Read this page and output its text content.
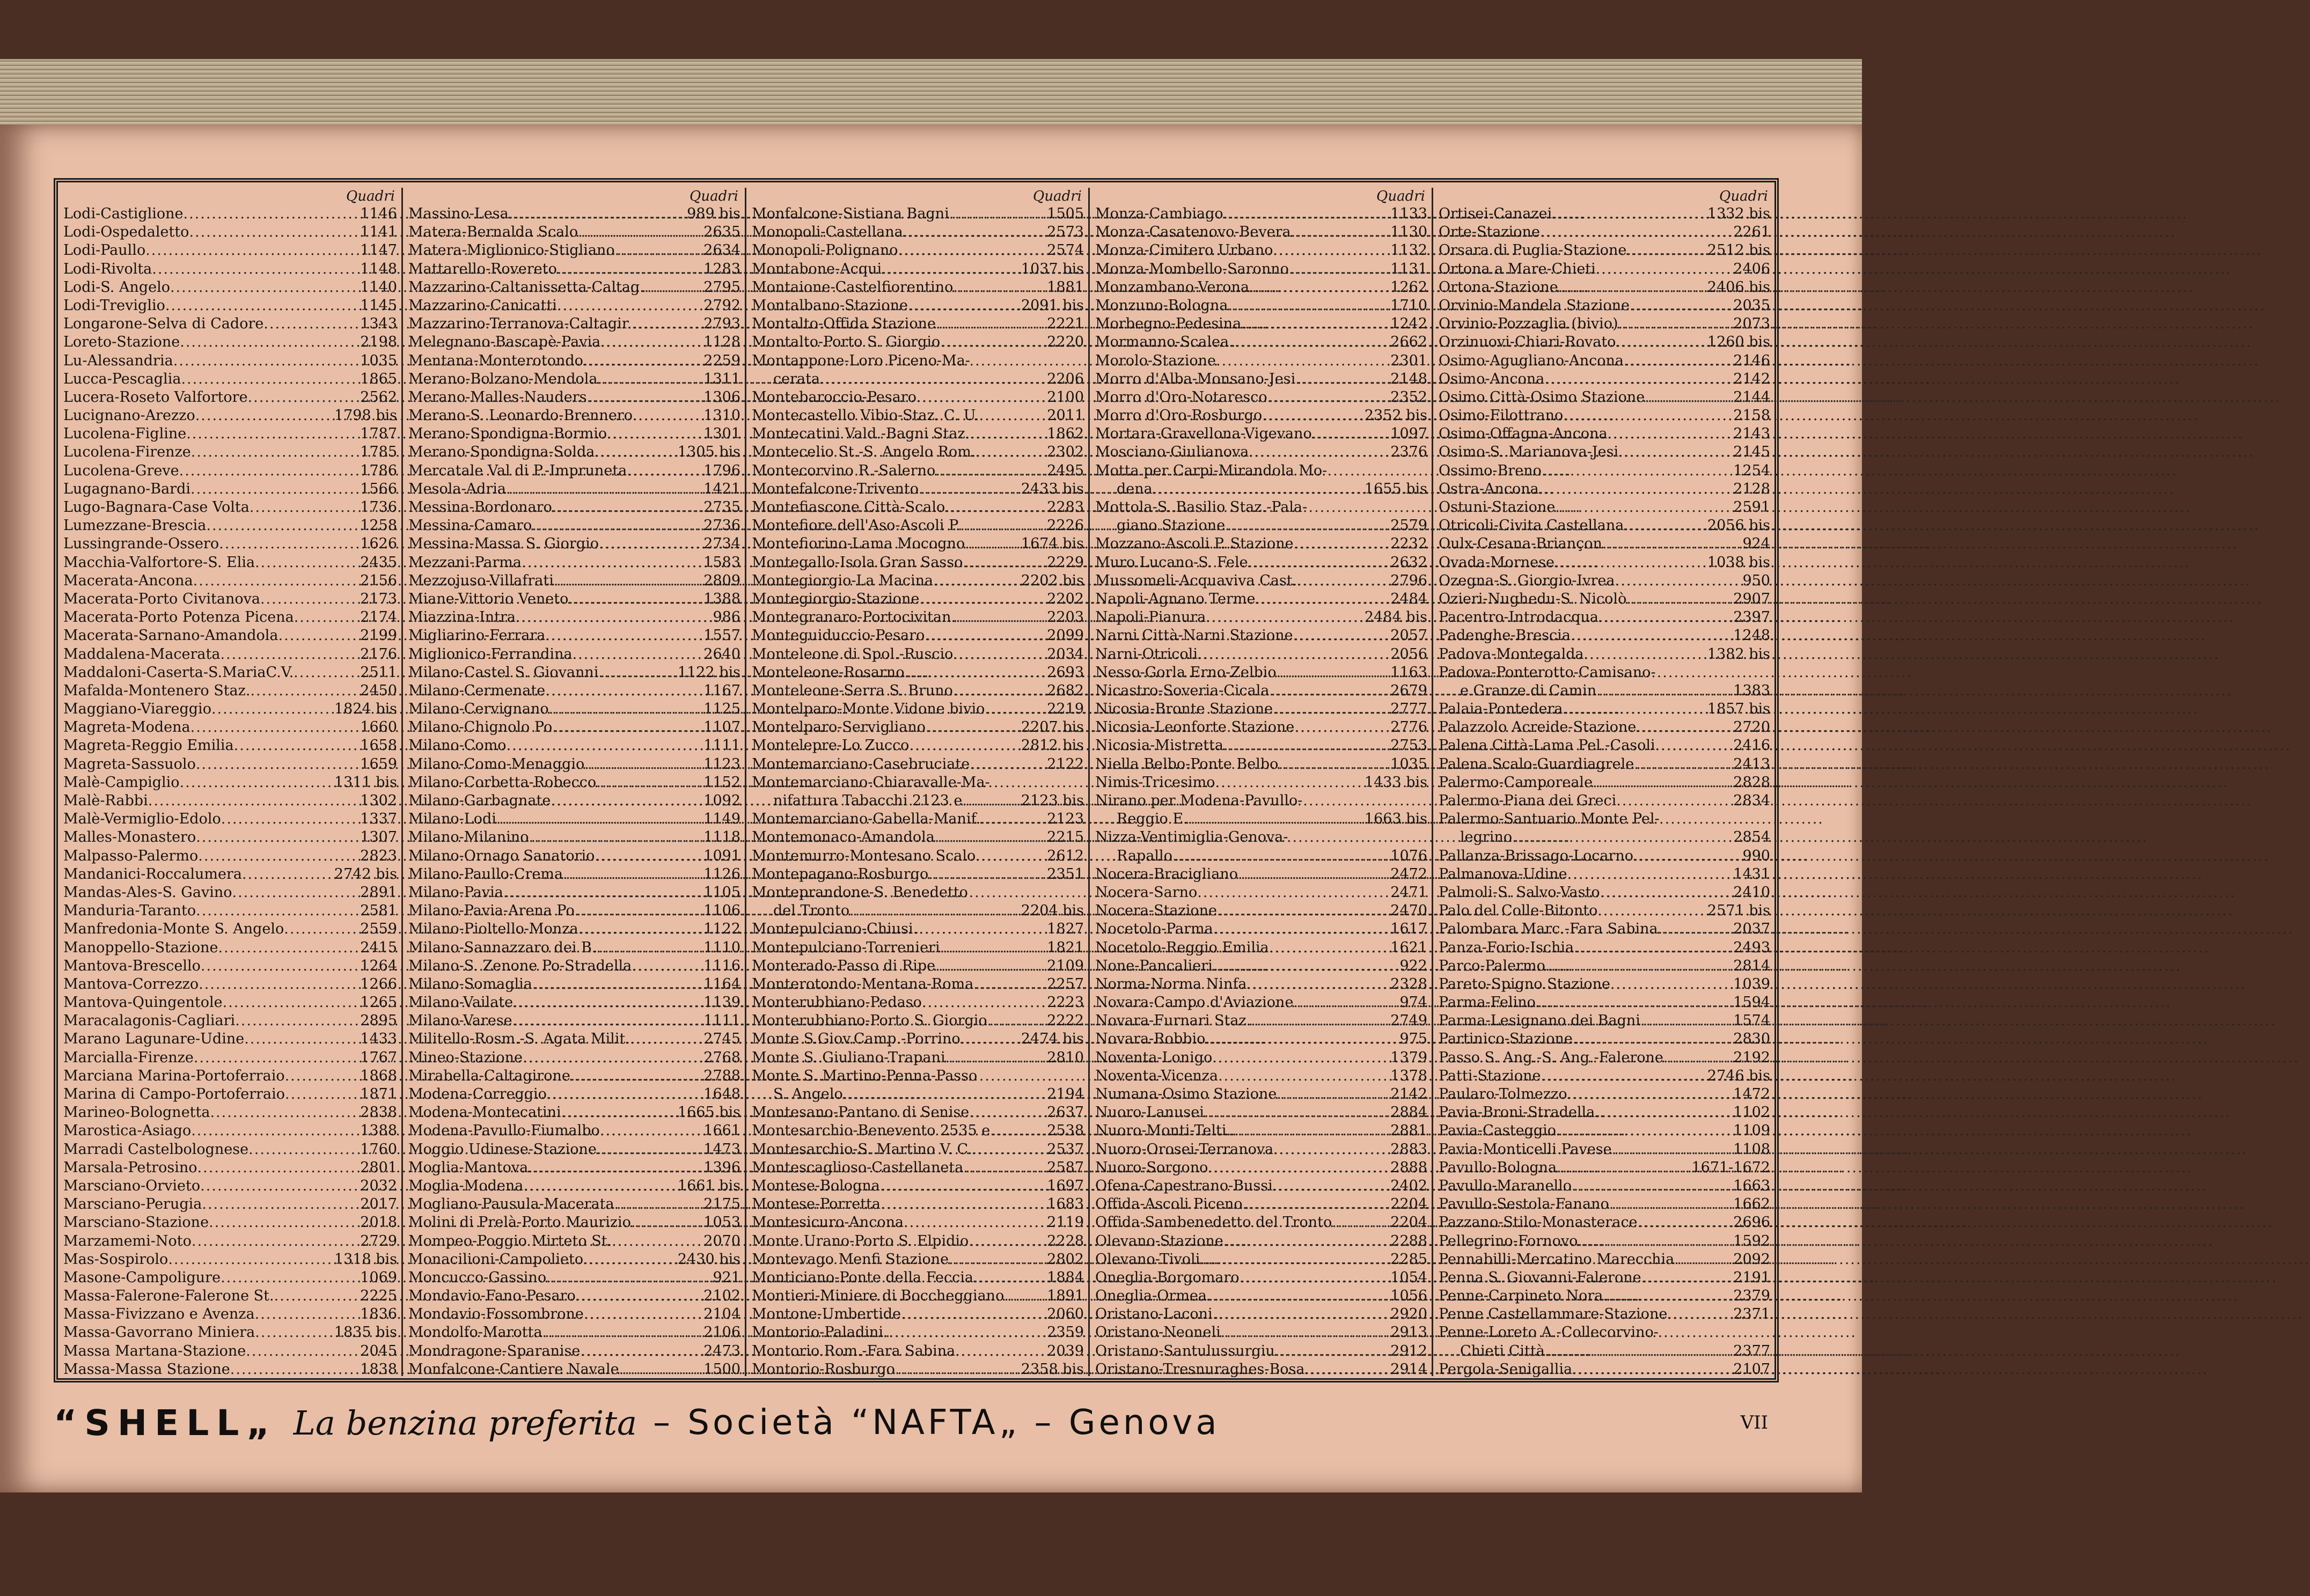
Quadri
Lodi-Castiglione .....	1146
Lodi-Ospedaletto .....	1141
Lodi-Paullo .....	1147
Lodi-Rivolta .....	1148
Lodi-S. Angelo .....	1140
Lodi-Treviglio .....	1145
Longarone-Selva di Cadore .....	1343
Loreto-Stazione .....	2198
Lu-Alessandria .....	1035
Lucca-Pescaglia .....	1865
Lucera-Roseto Valfortore .....	2562
Lucignano-Arezzo .....	1798 bis
Lucolena-Figline .....	1787
Lucolena-Firenze .....	1785
Lucolena-Greve .....	1786
Lugagnano-Bardi .....	1566
Lugo-Bagnara-Case Volta .....	1736
Lumezzane-Brescia .....	1258
Lussingrande-Ossero .....	1626
Macchia-Valfortore-S. Elia .....	2435
Macerata-Ancona .....	2156
Macerata-Porto Civitanova .....	2173
Macerata-Porto Potenza Picena .....	2174
Macerata-Sarnano-Amandola .....	2199
Maddalena-Macerata .....	2176
Maddaloni-Caserta-S.MariaC.V. .....	2511
Mafalda-Montenero Staz. .....	2450
Maggiano-Viareggio .....	1824 bis
Magreta-Modena .....	1660
Magreta-Reggio Emilia .....	1658
Magreta-Sassuolo .....	1659
Malè-Campiglio .....	1311 bis
Malè-Rabbi .....	1302
Malè-Vermiglio-Edolo .....	1337
Malles-Monastero .....	1307
Malpasso-Palermo .....	2823
Mandanici-Roccalumera .....	2742 bis
Mandas-Ales-S. Gavino .....	2891
Manduria-Taranto .....	2581
Manfredonia-Monte S. Angelo .....	2559
Manoppello-Stazione .....	2415
Mantova-Brescello .....	1264
Mantova-Correzzo .....	1266
Mantova-Quingentole .....	1265
Maracalagonis-Cagliari .....	2895
Marano Lagunare-Udine .....	1433
Marcialla-Firenze .....	1767
Marciana Marina-Portoferraio .....	1868
Marina di Campo-Portoferraio .....	1871
Marineo-Bolognetta .....	2838
Marostica-Asiago .....	1388
Marradi Castelbolognese .....	1760
Marsala-Petrosino .....	2801
Marsciano-Orvieto .....	2032
Marsciano-Perugia .....	2017
Marsciano-Stazione .....	2018
Marzamemi-Noto .....	2729
Mas-Sospirolo .....	1318 bis
Masone-Campoligure .....	1069
Massa-Falerone-Falerone St. .....	2225
Massa-Fivizzano e Avenza .....	1836
Massa-Gavorrano Miniera .....	1835 bis
Massa Martana-Stazione .....	2045
Massa-Massa Stazione .....	1838
Quadri
Massino-Lesa .....	989 bis
Matera-Bernalda Scalo .....	2635
Matera-Miglionico-Stigliano .....	2634
Mattarello-Rovereto .....	1283
Mazzarino-Caltanissetta-Caltag. .....	2795
Mazzarino-Canicatti .....	2792
Mazzarino-Terranova-Caltagir. .....	2793
Melegnano-Bascapè-Pavia .....	1128
Mentana-Monterotondo .....	2259
Merano-Bolzano-Mendola .....	1311
Merano-Malles-Nauders .....	1306
Merano-S. Leonardo-Brennero .....	1310
Merano-Spondigna-Bormio .....	1301
Merano-Spondigna-Solda .....	1305 bis
Mercatale Val di P.-Impruneta .....	1796
Mesola-Adria .....	1421
Messina-Bordonaro .....	2735
Messina-Camaro .....	2736
Messina-Massa S. Giorgio .....	2734
Mezzani-Parma .....	1583
Mezzojuso-Villafrati .....	2809
Miane-Vittorio Veneto .....	1388
Miazzina-Intra .....	986
Migliarino-Ferrara .....	1557
Miglionico-Ferrandina .....	2640
Milano-Castel S. Giovanni .....	1122 bis
Milano-Cermenate .....	1167
Milano-Cervignano .....	1125
Milano-Chignolo Po .....	1107
Milano-Como .....	1111
Milano-Como-Menaggio .....	1123
Milano-Corbetta-Robecco .....	1152
Milano-Garbagnate .....	1092
Milano-Lodi .....	1149
Milano-Milanino .....	1118
Milano-Ornago Sanatorio .....	1091
Milano-Paullo-Crema .....	1126
Milano-Pavia .....	1105
Milano-Pavia-Arena Po .....	1106
Milano-Pioltello-Monza .....	1122
Milano-Sannazzaro dei B. .....	1110
Milano-S. Zenone Po-Stradella .....	1116
Milano-Somaglia .....	1164
Milano-Vailate .....	1139
Milano-Varese .....	1111
Militello-Rosm.-S. Agata Milit. .....	2745
Mineo-Stazione .....	2768
Mirabella-Caltagirone .....	2788
Modena-Correggio .....	1648
Modena-Montecatini .....	1665 bis
Modena-Pavullo-Fiumalbo .....	1661
Moggio Udinese-Stazione .....	1473
Moglia-Mantova .....	1396
Moglia-Modena .....	1661 bis
Mogliano-Pausula-Macerata .....	2175
Molini di Prelà-Porto Maurizio .....	1053
Mompeo-Poggio Mirteto St. .....	2070
Monacilioni-Campolieto .....	2430 bis
Moncucco-Gassino .....	921
Mondavio-Fano-Pesaro .....	2102
Mondavio-Fossombrone .....	2104
Mondolfo-Marotta .....	2106
Mondragone-Sparanise .....	2473
Monfalcone-Cantiere Navale .....	1500
Quadri
Monfalcone-Sistiana Bagni .....	1505
Monopoli-Castellana .....	2573
Monopoli-Polignano .....	2574
Montabone-Acqui .....	1037 bis
Montaione-Castelfiorentino .....	1881
Montalbano-Stazione .....	2091 bis
Montalto-Offida Stazione .....	2221
Montalto-Porto S. Giorgio .....	2220
Montappone-Loro Piceno-Ma-
cerata .....	2206
Montebaroccio-Pesaro .....	2100
Montecastello Vibio-Staz. C. U. .....	2011
Montecatini Vald.-Bagni Staz. .....	1862
Montecelio St.-S. Angelo Rom. .....	2302
Montecorvino R.-Salerno .....	2495
Montefalcone-Trivento .....	2433 bis
Montefiascone Città-Scalo .....	2283
Montefiore dell'Aso-Ascoli P. .....	2226
Montefiorino-Lama Mocogno .....	1674 bis
Montegallo-Isola Gran Sasso .....	2229
Montegiorgio-La Macina .....	2202 bis
Montegiorgio-Stazione .....	2202
Montegranaro-Portocivitan. .....	2203
Monteguiduccio-Pesaro .....	2099
Monteleone di Spol.-Ruscio .....	2034
Monteleone-Rosarno .....	2693
Monteleone-Serra S. Bruno .....	2682
Montelparo-Monte Vidone bivio .....	2219
Montelparo-Servigliano .....	2207 bis
Montelepre-Lo Zucco .....	2812 bis
Montemarciano-Casebruciate .....	2122
Montemarciano-Chiaravalle-Ma-
nifattura Tabacchi 2123 e .....	2123 bis
Montemarciano-Gabella-Manif. .....	2123
Montemonaco-Amandola .....	2215
Montemurro-Montesano Scalo .....	2612
Montepagano-Rosburgo .....	2351
Monteprandone-S. Benedetto
del Tronto .....	2204 bis
Montepulciano-Chiusi .....	1827
Montepulciano-Torrenieri .....	1821
Monterado-Passo di Ripe .....	2109
Monterotondo-Mentana-Roma .....	2257
Monterubbiano-Pedaso .....	2223
Monterubbiano-Porto S. Giorgio .....	2222
Monte S.Giov.Camp.-Porrino .....	2474 bis
Monte S. Giuliano-Trapani .....	2810
Monte S. Martino-Penna-Passo
S. Angelo .....	2194
Montesano-Pantano di Senise .....	2637
Montesarchio-Benevento 2535 e .....	2538
Montesarchio-S. Martino V. C. .....	2537
Montescaglioso-Castellaneta .....	2587
Montese-Bologna .....	1697
Montese-Porretta .....	1683
Montesicuro-Ancona .....	2119
Monte Urano-Porto S. Elpidio .....	2228
Montevago Menfi Stazione .....	2802
Monticiano-Ponte della Feccia .....	1884
Montieri-Miniere di Boccheggiano .....	1891
Montone-Umbertide .....	2060
Montorio-Paladini .....	2359
Montorio Rom.-Fara Sabina .....	2039
Montorio-Rosburgo .....	2358 bis
Quadri
Monza-Cambiago .....	1133
Monza-Casatenovo-Bevera .....	1130
Monza-Cimitero Urbano .....	1132
Monza-Mombello-Saronno .....	1131
Monzambano-Verona .....	1262
Monzuno-Bologna .....	1710
Morbegno-Pedesina .....	1242
Mormanno-Scalea .....	2662
Morolo-Stazione .....	2301
Morro d'Alba-Monsano-Jesi .....	2148
Morro d'Oro-Notaresco .....	2352
Morro d'Oro-Rosburgo .....	2352 bis
Mortara-Gravellona-Vigevano .....	1097
Mosciano-Giulianova .....	2376
Motta per Carpi-Mirandola Mo-
dena .....	1655 bis
Mottola-S. Basilio Staz.-Pala-
giano Stazione .....	2579
Mozzano-Ascoli P. Stazione .....	2232
Muro Lucano-S. Fele .....	2632
Mussomeli-Acquaviva Cast. .....	2796
Napoli-Agnano Terme .....	2484
Napoli-Pianura .....	2484 bis
Narni Città-Narni Stazione .....	2057
Narni-Otricoli .....	2056
Nesso-Gorla Erno-Zelbio .....	1163
Nicastro-Soveria-Cicala .....	2679
Nicosia-Bronte Stazione .....	2777
Nicosia-Leonforte Stazione .....	2776
Nicosia-Mistretta .....	2753
Niella Belbo-Ponte Belbo .....	1035
Nimis-Tricesimo .....	1433 bis
Nirano per Modena-Pavullo-
Reggio E. .....	1663 bis
Nizza-Ventimiglia-Genova-
Rapallo .....	1076
Nocera-Bracigliano .....	2472
Nocera-Sarno .....	2471
Nocera-Stazione .....	2470
Nocetolo-Parma .....	1617
Nocetolo-Reggio Emilia .....	1621
None-Pancalieri .....	922
Norma-Norma Ninfa .....	2328
Novara-Campo d'Aviazione .....	974
Novara-Furnari Staz. .....	2749
Novara-Robbio .....	975
Noventa-Lonigo .....	1379
Noventa-Vicenza .....	1378
Numana-Osimo Stazione .....	2142
Nuoro-Lanusei .....	2884
Nuoro-Monti-Telti .....	2881
Nuoro-Orosei-Terranova .....	2883
Nuoro-Sorgono .....	2888
Ofena-Capestrano-Bussi .....	2402
Offida-Ascoli Piceno .....	2204
Offida-Sambenedetto del Tronto .....	2204
Olevano-Stazione .....	2288
Olevano-Tivoli .....	2285
Oneglia-Borgomaro .....	1054
Oneglia-Ormea .....	1056
Oristano-Laconi .....	2920
Oristano-Neoneli .....	2913
Oristano-Santulussurgiu .....	2912
Oristano-Tresnuraghes-Bosa .....	2914
Quadri
Ortisei-Canazei .....	1332 bis
Orte-Stazione .....	2261
Orsara di Puglia-Stazione .....	2512 bis
Ortona a Mare-Chieti .....	2406
Ortona-Stazione .....	2406 bis
Orvinio-Mandela Stazione .....	2035
Orvinio-Pozzaglia (bivio) .....	2073
Orzinuovi-Chiari-Rovato .....	1260 bis
Osimo-Agugliano-Ancona .....	2146
Osimo-Ancona .....	2142
Osimo Città-Osimo Stazione .....	2144
Osimo-Filottrano .....	2158
Osimo-Offagna-Ancona .....	2143
Osimo-S. Marianova-Jesi .....	2145
Ossimo-Breno .....	1254
Ostra-Ancona .....	2128
Ostuni-Stazione .....	2591
Otricoli-Civita Castellana .....	2056 bis
Oulx-Cesana-Briançon .....	924
Ovada-Mornese .....	1038 bis
Ozegna-S. Giorgio-Ivrea .....	950
Ozieri-Nughedu-S. Nicolò .....	2907
Pacentro-Introdacqua .....	2397
Padenghe-Brescia .....	1248
Padova-Montegalda .....	1382 bis
Padova-Ponterotto-Camisano-
e Granze di Camin .....	1383
Palaia-Pontedera .....	1857 bis
Palazzolo Acreide-Stazione .....	2720
Palena Città-Lama Pel.-Casoli .....	2416
Palena Scalo-Guardiagrele .....	2413
Palermo-Camporeale .....	2828
Palermo-Piana dei Greci .....	2834
Palermo-Santuario Monte Pel-
legrino .....	2854
Pallanza-Brissago-Locarno .....	990
Palmanova-Udine .....	1431
Palmoli-S. Salvo-Vasto .....	2410
Palo del Colle-Bitonto .....	2571 bis
Palombara Marc.-Fara Sabina .....	2037
Panza-Forio-Ischia .....	2493
Parco-Palermo .....	2814
Pareto-Spigno Stazione .....	1039
Parma-Felino .....	1594
Parma-Lesignano dei Bagni .....	1574
Partinico-Stazione .....	2830
Passo S. Ang.-S. Ang.-Falerone .....	2192
Patti-Stazione .....	2746 bis
Paularo-Tolmezzo .....	1472
Pavia-Broni-Stradella .....	1102
Pavia-Casteggio .....	1109
Pavia-Monticelli Pavese .....	1108
Pavullo-Bologna .....	1671-1672
Pavullo-Maranello .....	1663
Pavullo-Sestola-Fanano .....	1662
Pazzano-Stilo-Monasterace .....	2696
Pellegrino-Fornovo .....	1592
Pennabilli-Mercatino Marecchia .....	2092
Penna S. Giovanni-Falerone .....	2191
Penne-Carpineto Nora .....	2379
Penne Castellammare-Stazione .....	2371
Penne-Loreto A.-Collecorvino-
Chieti Città .....	2377
Pergola-Senigallia .....	2107
“SHELL„ La benzina preferita – Società “NAFTA„ – Genova	VII
